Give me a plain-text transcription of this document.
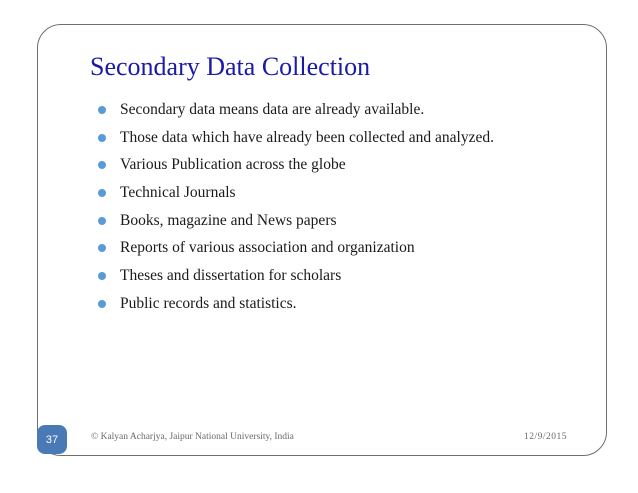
Secondary Data Collection
Secondary data means data are already available.
Those data which have already been collected and analyzed.
Various Publication across the globe
Technical Journals
Books, magazine and News papers
Reports of various association and organization
Theses and dissertation for scholars
Public records and statistics.
37	© Kalyan Acharjya, Jaipur National University, India	12/9/2015
